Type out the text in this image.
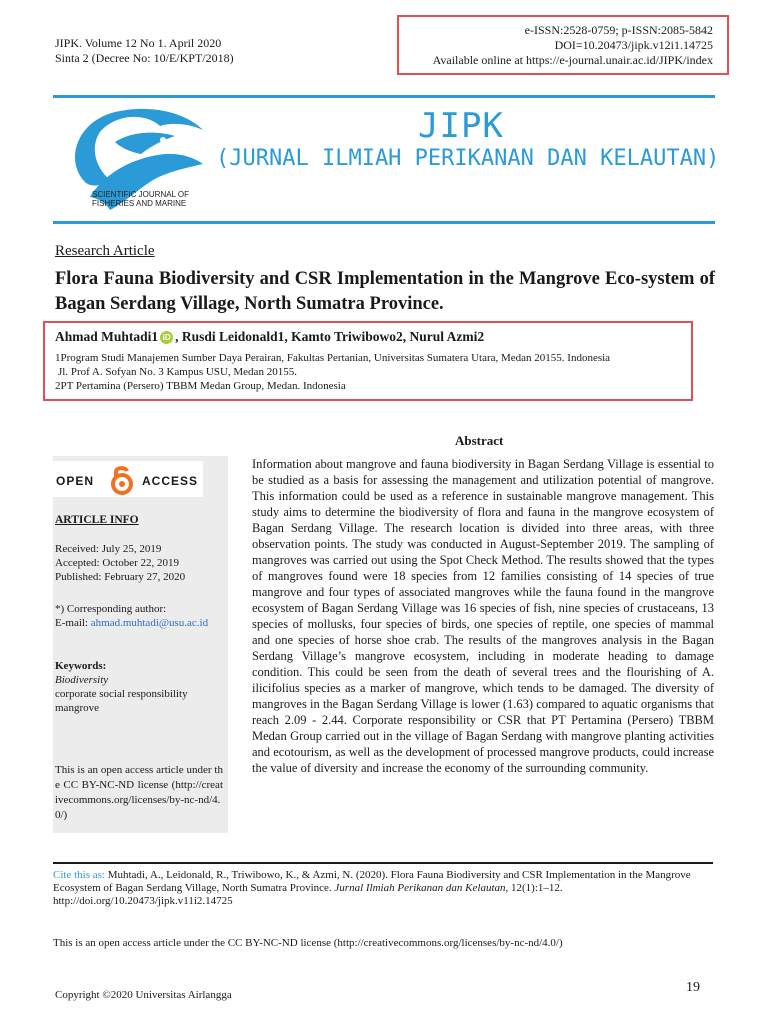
JIPK. Volume 12 No 1. April 2020
Sinta 2 (Decree No: 10/E/KPT/2018)
e-ISSN:2528-0759; p-ISSN:2085-5842
DOI=10.20473/jipk.v12i1.14725
Available online at https://e-journal.unair.ac.id/JIPK/index
SCIENTIFIC JOURNAL OF
FISHERIES AND MARINE
JIPK
(JURNAL ILMIAH PERIKANAN DAN KELAUTAN)
Research Article
Flora Fauna Biodiversity and CSR Implementation in the Mangrove Eco-system of Bagan Serdang Village, North Sumatra Province.
Ahmad Muhtadi1 iD , Rusdi Leidonald1, Kamto Triwibowo2, Nurul Azmi2
1Program Studi Manajemen Sumber Daya Perairan, Fakultas Pertanian, Universitas Sumatera Utara, Medan 20155. Indonesia
Jl. Prof A. Sofyan No. 3 Kampus USU, Medan 20155.
2PT Pertamina (Persero) TBBM Medan Group, Medan. Indonesia
Abstract
OPEN	ACCESS
ARTICLE INFO
Received: July 25, 2019
Accepted: October 22, 2019
Published: February 27, 2020
*) Corresponding author:
E-mail: ahmad.muhtadi@usu.ac.id
Keywords:
Biodiversity
corporate social responsibility
mangrove
This is an open access article under the CC BY-NC-ND license (http://creativecommons.org/licenses/by-nc-nd/4.0/)
Information about mangrove and fauna biodiversity in Bagan Serdang Village is essential to be studied as a basis for assessing the management and utilization potential of mangrove. This information could be used as a reference in sustainable mangrove management. This study aims to determine the biodiversity of flora and fauna in the mangrove ecosystem of Bagan Serdang Village. The research location is divided into three areas, with three observation points. The study was conducted in August-September 2019. The sampling of mangroves was carried out using the Spot Check Method. The results showed that the types of mangroves found were 18 species from 12 families consisting of 14 species of true mangrove and four types of associated mangroves while the fauna found in the mangrove ecosystem of Bagan Serdang Village was 16 species of fish, nine species of crustaceans, 13 species of mollusks, four species of birds, one species of reptile, one species of mammal and one species of horse shoe crab. The results of the mangroves analysis in the Bagan Serdang Village’s mangrove ecosystem, including in moderate heading to damage condition. This could be seen from the death of several trees and the flourishing of A. ilicifolius species as a marker of mangrove, which tends to be damaged. The diversity of mangroves in the Bagan Serdang Village is lower (1.63) compared to aquatic organisms that reach 2.09 - 2.44. Corporate responsibility or CSR that PT Pertamina (Persero) TBBM Medan Group carried out in the village of Bagan Serdang with mangrove planting activities and ecotourism, as well as the development of processed mangrove products, could increase the value of diversity and increase the economy of the surrounding community.
Cite this as: Muhtadi, A., Leidonald, R., Triwibowo, K., & Azmi, N. (2020). Flora Fauna Biodiversity and CSR Implementation in the Mangrove Ecosystem of Bagan Serdang Village, North Sumatra Province. Jurnal Ilmiah Perikanan dan Kelautan, 12(1):1–12. http://doi.org/10.20473/jipk.v11i2.14725
This is an open access article under the CC BY-NC-ND license (http://creativecommons.org/licenses/by-nc-nd/4.0/)
Copyright ©2020 Universitas Airlangga	19
